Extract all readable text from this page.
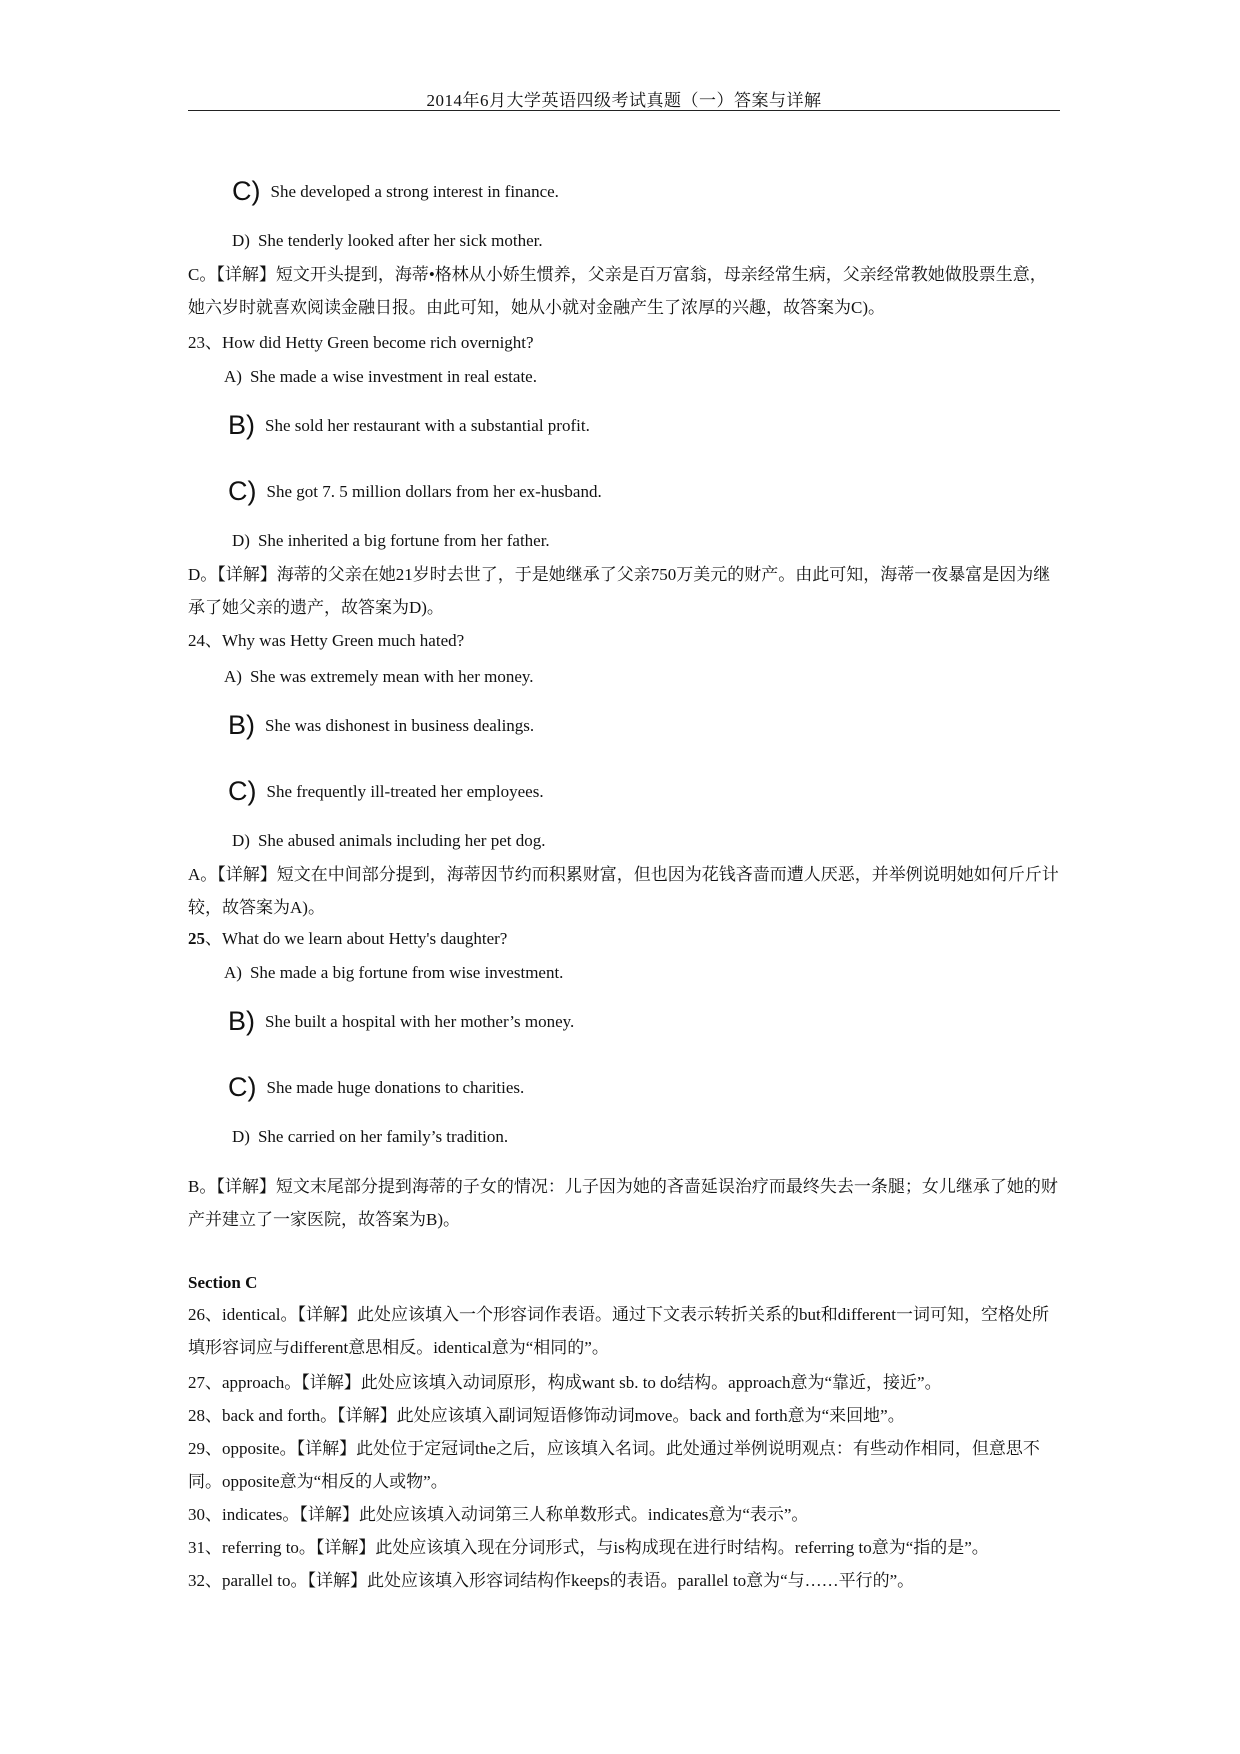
2014年6月大学英语四级考试真题（一）答案与详解
C) She developed a strong interest in finance.
D) She tenderly looked after her sick mother.
C。【详解】短文开头提到，海蒂•格林从小娇生惯养，父亲是百万富翁，母亲经常生病，父亲经常教她做股票生意，她六岁时就喜欢阅读金融日报。由此可知，她从小就对金融产生了浓厚的兴趣，故答案为C)。
23、How did Hetty Green become rich overnight?
A) She made a wise investment in real estate.
B) She sold her restaurant with a substantial profit.
C) She got 7. 5 million dollars from her ex-husband.
D) She inherited a big fortune from her father.
D。【详解】海蒂的父亲在她21岁时去世了，于是她继承了父亲750万美元的财产。由此可知，海蒂一夜暴富是因为继承了她父亲的遗产，故答案为D)。
24、Why was Hetty Green much hated?
A) She was extremely mean with her money.
B) She was dishonest in business dealings.
C) She frequently ill-treated her employees.
D) She abused animals including her pet dog.
A。【详解】短文在中间部分提到，海蒂因节约而积累财富，但也因为花钱吝啬而遭人厌恶，并举例说明她如何斤斤计较，故答案为A)。
25、What do we learn about Hetty's daughter?
A) She made a big fortune from wise investment.
B) She built a hospital with her mother’s money.
C) She made huge donations to charities.
D) She carried on her family’s tradition.
B。【详解】短文末尾部分提到海蒂的子女的情况：儿子因为她的吝啬延误治疗而最终失去一条腿；女儿继承了她的财产并建立了一家医院，故答案为B)。
Section C
26、identical。【详解】此处应该填入一个形容词作表语。通过下文表示转折关系的but和different一词可知，空格处所填形容词应与different意思相反。identical意为“相同的”。
27、approach。【详解】此处应该填入动词原形，构成want sb. to do结构。approach意为“靠近，接近”。
28、back and forth。【详解】此处应该填入副词短语修饰动词move。back and forth意为“来回地”。
29、opposite。【详解】此处位于定冠词the之后，应该填入名词。此处通过举例说明观点：有些动作相同，但意思不同。opposite意为“相反的人或物”。
30、indicates。【详解】此处应该填入动词第三人称单数形式。indicates意为“表示”。
31、referring to。【详解】此处应该填入现在分词形式，与is构成现在进行时结构。referring to意为“指的是”。
32、parallel to。【详解】此处应该填入形容词结构作keeps的表语。parallel to意为“与……平行的”。
